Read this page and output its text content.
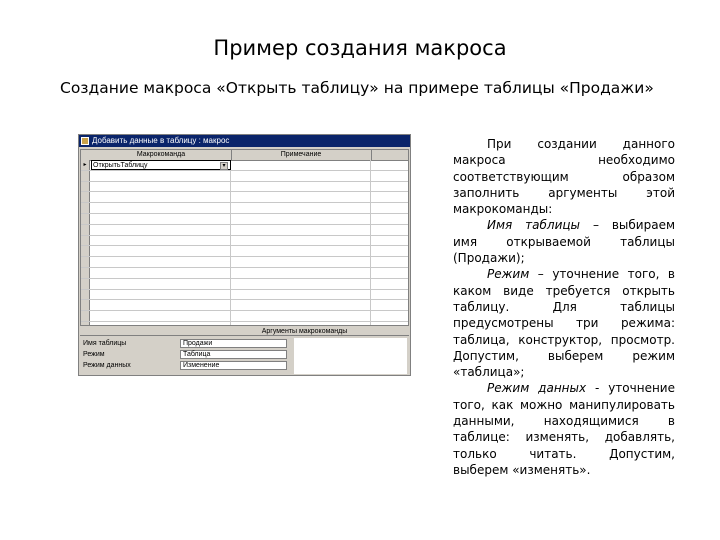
Пример создания макроса
Создание макроса «Открыть таблицу» на примере таблицы «Продажи»
Добавить данные в таблицу : макрос
Макрокоманда	Примечание
▸ ОткрытьТаблицу	▾
Аргументы макрокоманды
Имя таблицы	Продажи
Режим	Таблица
Режим данных	Изменение

При создании данного макроса необходимо соответствующим образом заполнить аргументы этой макрокоманды:

Имя таблицы – выбираем имя открываемой таблицы (Продажи);

Режим – уточнение того, в каком виде требуется открыть таблицу. Для таблицы предусмотрены три режима: таблица, конструктор, просмотр. Допустим, выберем режим «таблица»;

Режим данных - уточнение того, как можно манипулировать данными, находящимися в таблице: изменять, добавлять, только читать. Допустим, выберем «изменять».
